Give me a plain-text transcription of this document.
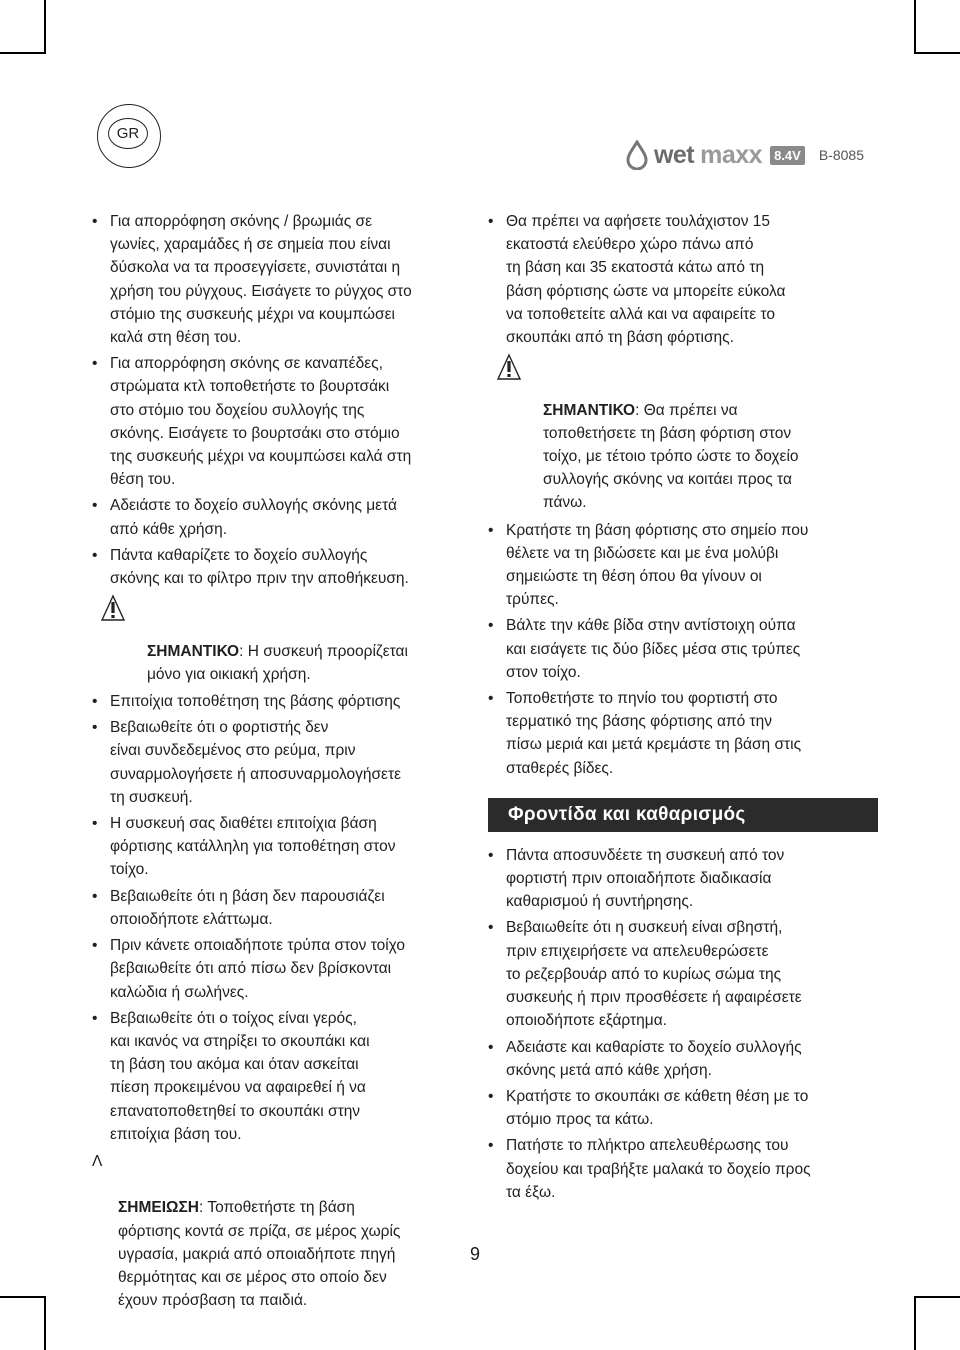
GR
wet maxx 8.4V B-8085
• Για απορρόφηση σκόνης / βρωμιάς σε
γωνίες, χαραμάδες ή σε σημεία που είναι
δύσκολα να τα προσεγγίσετε, συνιστάται η
χρήση του ρύγχους. Εισάγετε το ρύγχος στο
στόμιο της συσκευής μέχρι να κουμπώσει
καλά στη θέση του.
• Για απορρόφηση σκόνης σε καναπέδες,
στρώματα κτλ τοποθετήστε το βουρτσάκι
στο στόμιο του δοχείου συλλογής της
σκόνης. Εισάγετε το βουρτσάκι στο στόμιο
της συσκευής μέχρι να κουμπώσει καλά στη
θέση του.
• Αδειάστε το δοχείο συλλογής σκόνης μετά
από κάθε χρήση.
• Πάντα καθαρίζετε το δοχείο συλλογής
σκόνης και το φίλτρο πριν την αποθήκευση.

ΣΗΜΑΝΤΙΚΟ: Η συσκευή προορίζεται
μόνο για οικιακή χρήση.

• Επιτοίχια τοποθέτηση της βάσης φόρτισης
• Βεβαιωθείτε ότι ο φορτιστής δεν
είναι συνδεδεμένος στο ρεύμα, πριν
συναρμολογήσετε ή αποσυναρμολογήσετε
τη συσκευή.
• Η συσκευή σας διαθέτει επιτοίχια βάση
φόρτισης κατάλληλη για τοποθέτηση στον
τοίχο.
• Βεβαιωθείτε ότι η βάση δεν παρουσιάζει
οποιοδήποτε ελάττωμα.
• Πριν κάνετε οποιαδήποτε τρύπα στον τοίχο
βεβαιωθείτε ότι από πίσω δεν βρίσκονται
καλώδια ή σωλήνες.
• Βεβαιωθείτε ότι ο τοίχος είναι γερός,
και ικανός να στηρίξει το σκουπάκι και
τη βάση του ακόμα και όταν ασκείται
πίεση προκειμένου να αφαιρεθεί ή να
επανατοποθετηθεί το σκουπάκι στην
επιτοίχια βάση του.

Λ

ΣΗΜΕΙΩΣΗ: Τοποθετήστε τη βάση
φόρτισης κοντά σε πρίζα, σε μέρος χωρίς
υγρασία, μακριά από οποιαδήποτε πηγή
θερμότητας και σε μέρος στο οποίο δεν
έχουν πρόσβαση τα παιδιά.

• Θα πρέπει να αφήσετε τουλάχιστον 15
εκατοστά ελεύθερο χώρο πάνω από
τη βάση και 35 εκατοστά κάτω από τη
βάση φόρτισης ώστε να μπορείτε εύκολα
να τοποθετείτε αλλά και να αφαιρείτε το
σκουπάκι από τη βάση φόρτισης.

ΣΗΜΑΝΤΙΚΟ: Θα πρέπει να
τοποθετήσετε τη βάση φόρτιση στον
τοίχο, με τέτοιο τρόπο ώστε το δοχείο
συλλογής σκόνης να κοιτάει προς τα
πάνω.

• Κρατήστε τη βάση φόρτισης στο σημείο που
θέλετε να τη βιδώσετε και με ένα μολύβι
σημειώστε τη θέση όπου θα γίνουν οι
τρύπες.
• Βάλτε την κάθε βίδα στην αντίστοιχη ούπα
και εισάγετε τις δύο βίδες μέσα στις τρύπες
στον τοίχο.
• Τοποθετήστε το πηνίο του φορτιστή στο
τερματικό της βάσης φόρτισης από την
πίσω μεριά και μετά κρεμάστε τη βάση στις
σταθερές βίδες.
Φροντίδα και καθαρισμός
• Πάντα αποσυνδέετε τη συσκευή από τον
φορτιστή πριν οποιαδήποτε διαδικασία
καθαρισμού ή συντήρησης.
• Βεβαιωθείτε ότι η συσκευή είναι σβηστή,
πριν επιχειρήσετε να απελευθερώσετε
το ρεζερβουάρ από το κυρίως σώμα της
συσκευής ή πριν προσθέσετε ή αφαιρέσετε
οποιοδήποτε εξάρτημα.
• Αδειάστε και καθαρίστε το δοχείο συλλογής
σκόνης μετά από κάθε χρήση.
• Κρατήστε το σκουπάκι σε κάθετη θέση με το
στόμιο προς τα κάτω.
• Πατήστε το πλήκτρο απελευθέρωσης του
δοχείου και τραβήξτε μαλακά το δοχείο προς
τα έξω.
9
